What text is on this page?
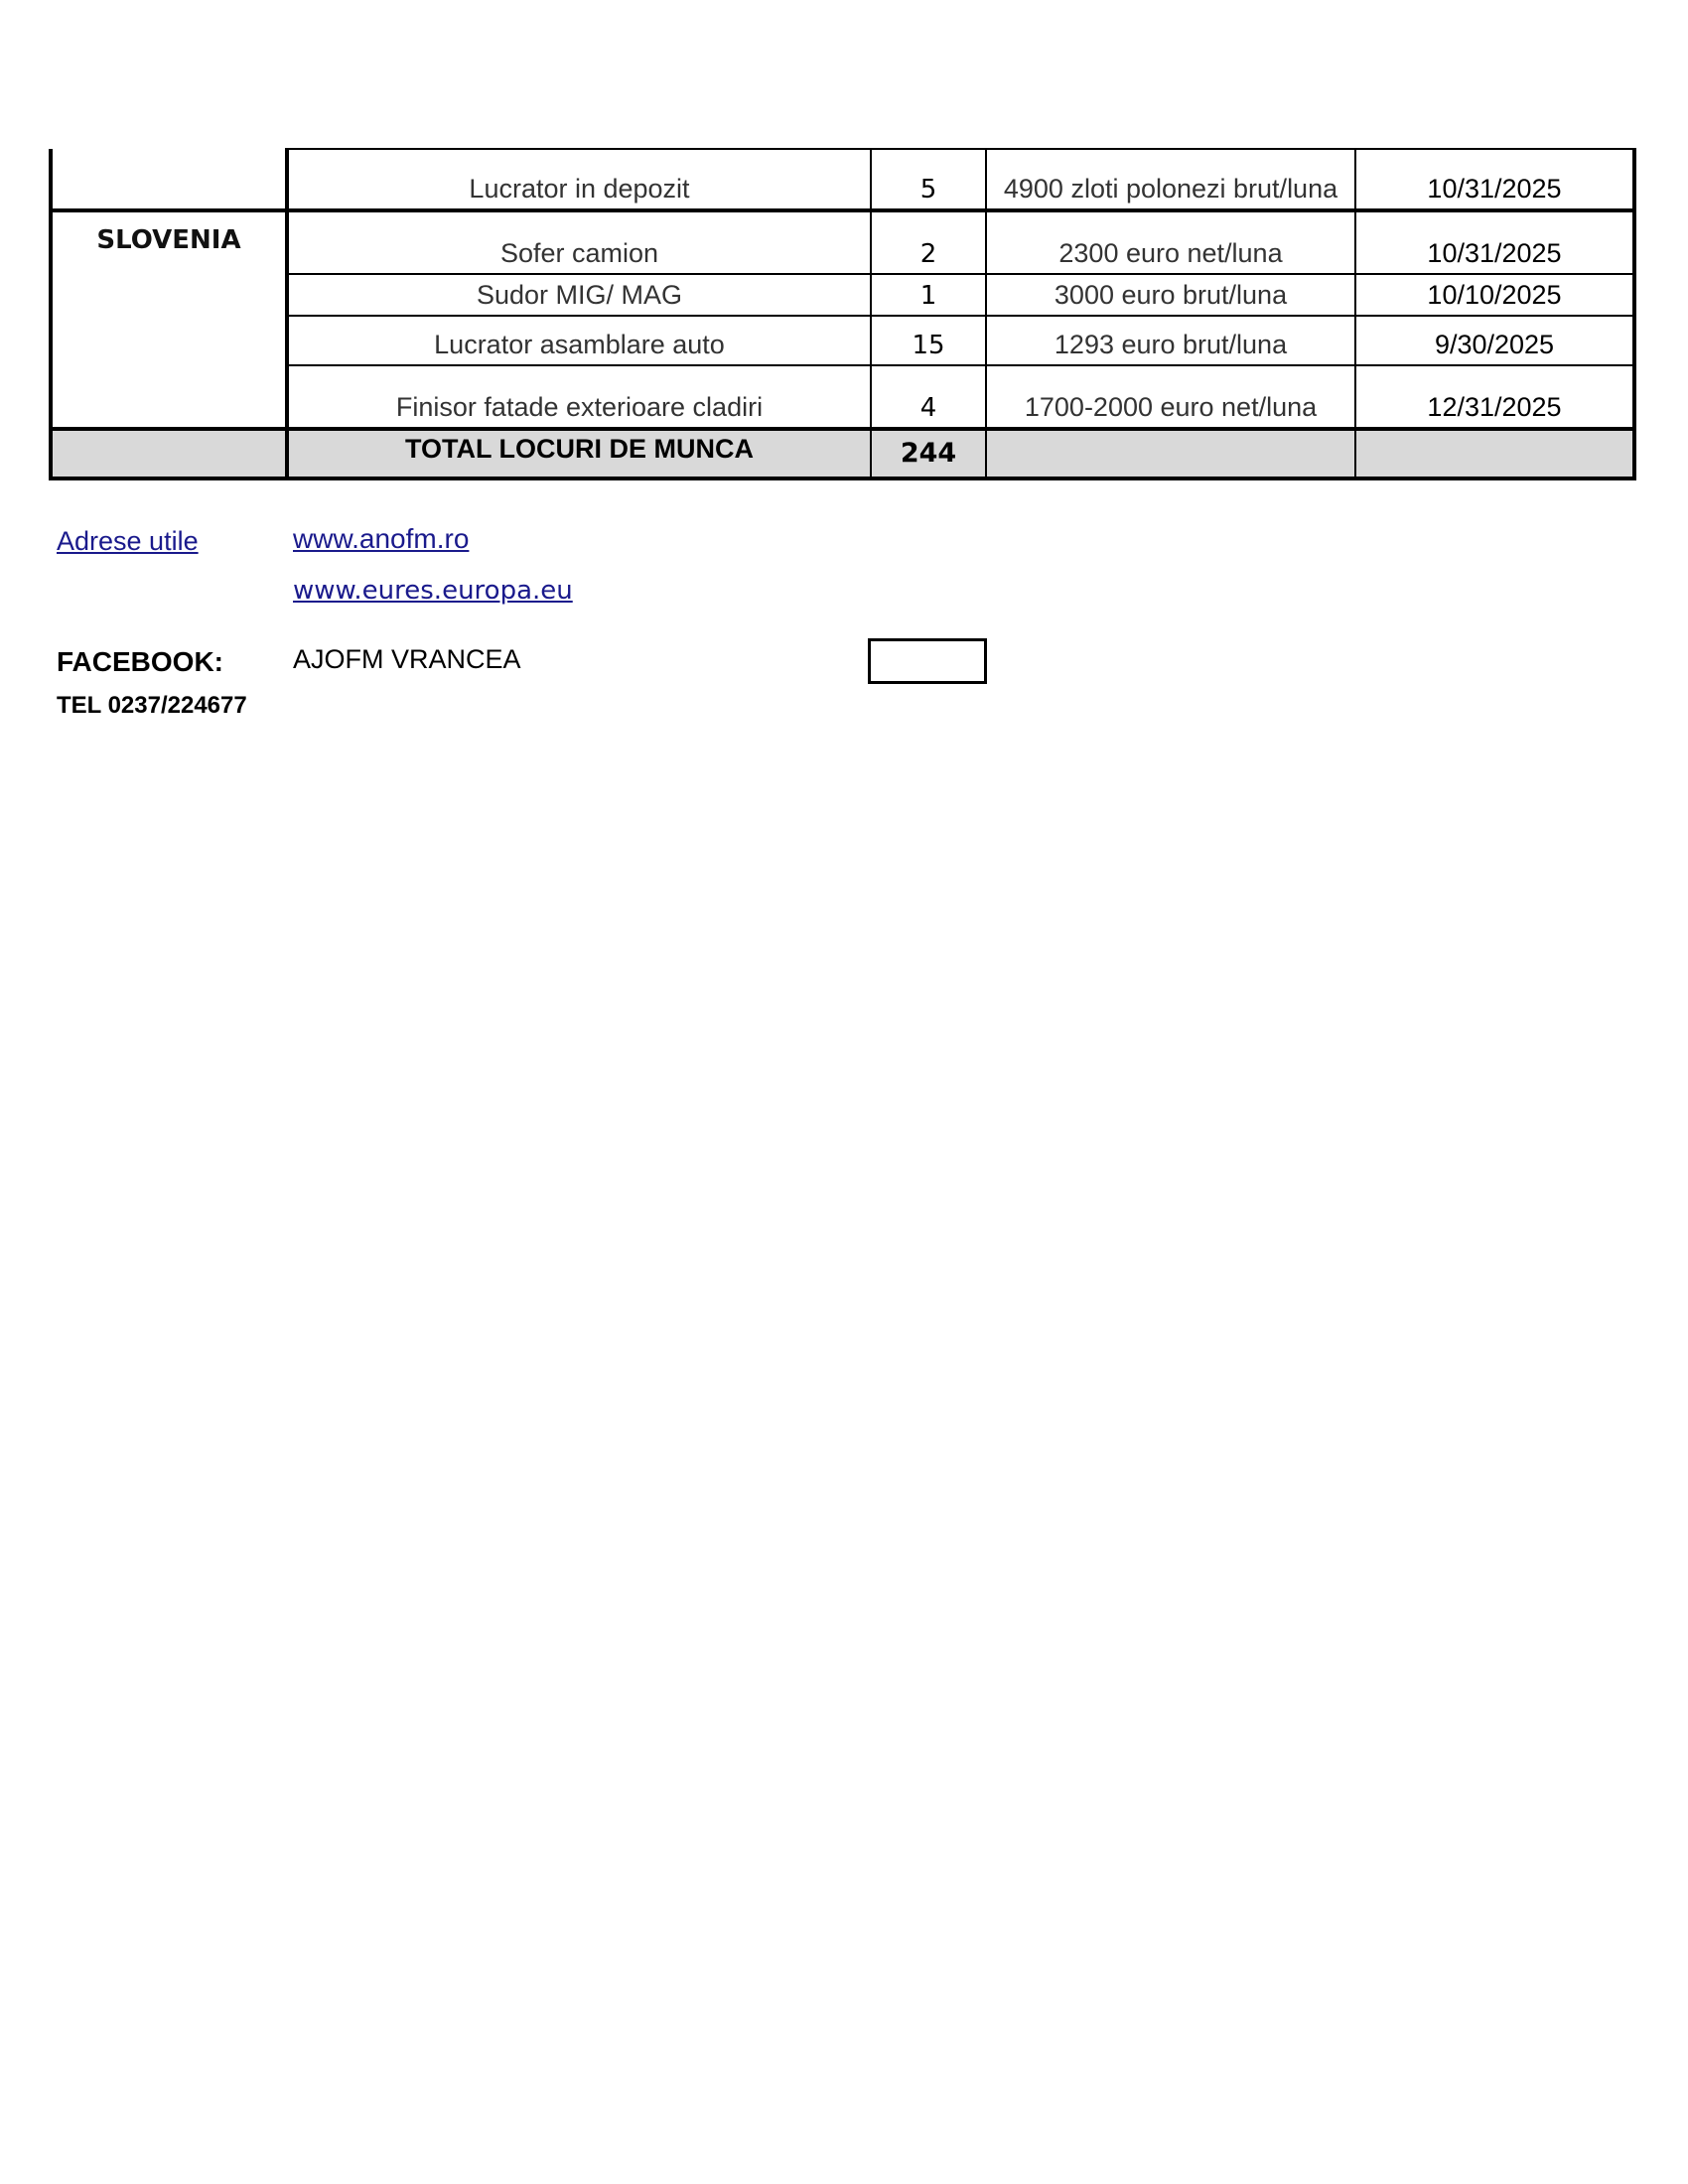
	Lucrator in depozit	5	4900 zloti polonezi brut/luna	10/31/2025
SLOVENIA	Sofer camion	2	2300 euro net/luna	10/31/2025
	Sudor MIG/ MAG	1	3000 euro brut/luna	10/10/2025
	Lucrator asamblare auto	15	1293 euro brut/luna	9/30/2025
	Finisor fatade exterioare cladiri	4	1700-2000 euro net/luna	12/31/2025
	TOTAL LOCURI DE MUNCA	244		
Adrese utile	www.anofm.ro
www.eures.europa.eu
FACEBOOK:	AJOFM VRANCEA
TEL 0237/224677
